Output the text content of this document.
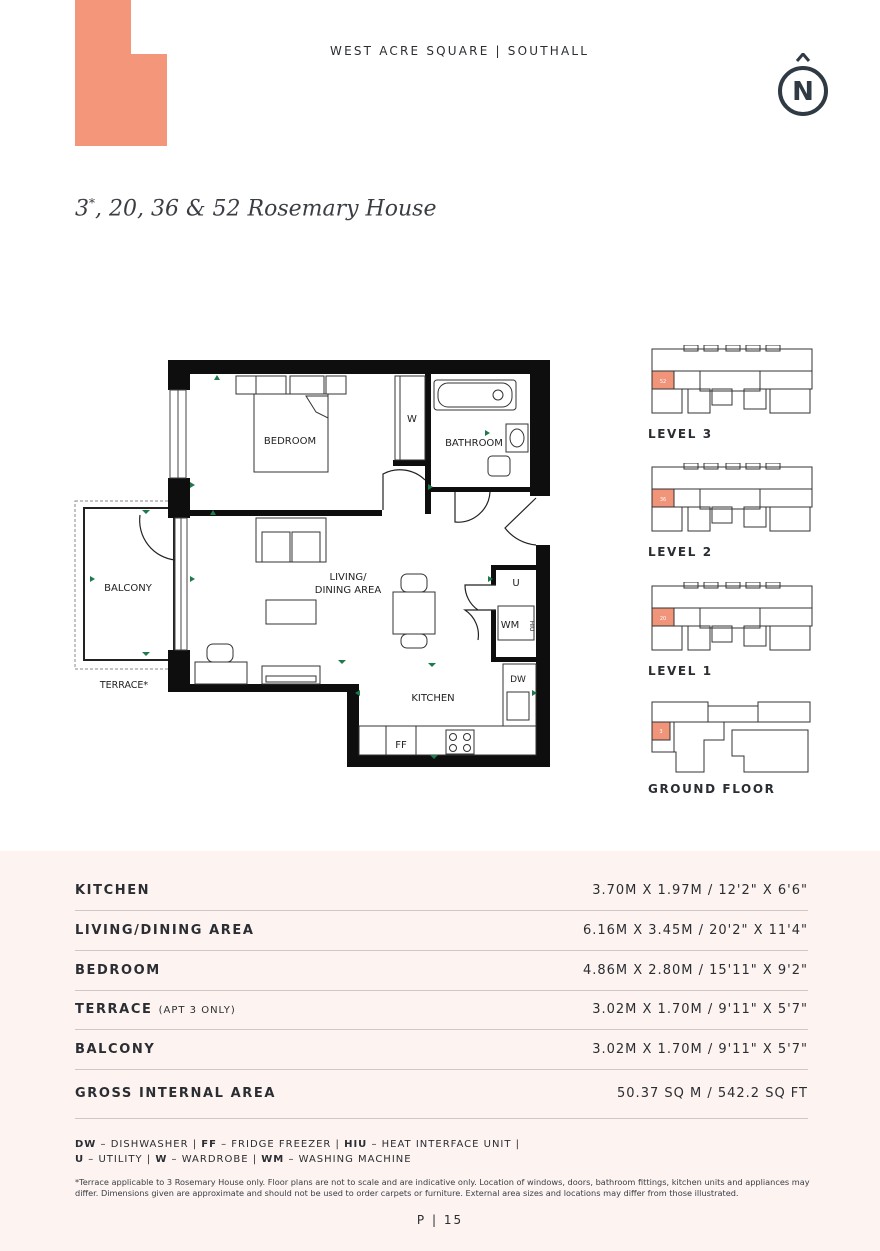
WEST ACRE SQUARE | SOUTHALL
N
3*, 20, 36 & 52 Rosemary House
BEDROOM	BATHROOM
W
LIVING/
DINING AREA
BALCONY
TERRACE*
U
WM
KITCHEN
DW
FF
HIU
52
LEVEL 3
36
LEVEL 2
20
LEVEL 1
3
GROUND FLOOR
KITCHEN	3.70M X 1.97M / 12'2" X 6'6"
LIVING/DINING AREA	6.16M X 3.45M / 20'2" X 11'4"
BEDROOM	4.86M X 2.80M / 15'11" X 9'2"
TERRACE (APT 3 ONLY)	3.02M X 1.70M / 9'11" X 5'7"
BALCONY	3.02M X 1.70M / 9'11" X 5'7"
GROSS INTERNAL AREA	50.37 SQ M / 542.2 SQ FT
DW – DISHWASHER | FF – FRIDGE FREEZER | HIU – HEAT INTERFACE UNIT |
U – UTILITY | W – WARDROBE | WM – WASHING MACHINE
*Terrace applicable to 3 Rosemary House only. Floor plans are not to scale and are indicative only. Location of windows, doors, bathroom fittings, kitchen units and appliances may differ. Dimensions given are approximate and should not be used to order carpets or furniture. External area sizes and locations may differ from those illustrated.
P | 15
